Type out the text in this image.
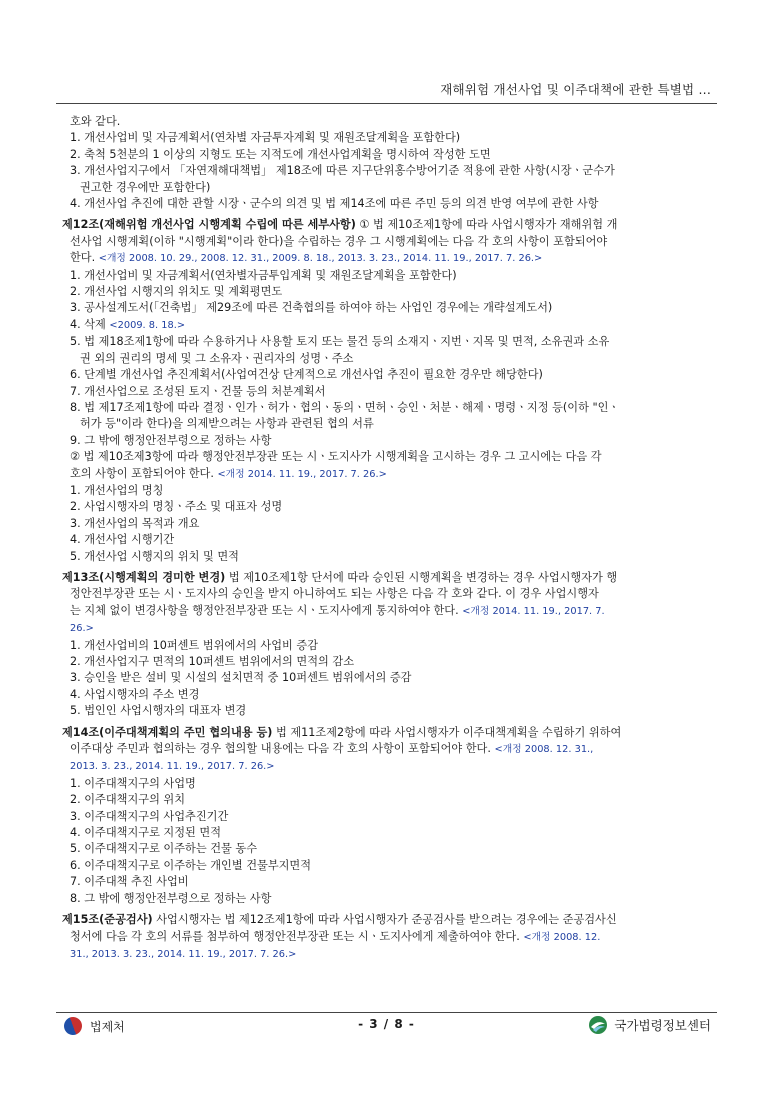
재해위험 개선사업 및 이주대책에 관한 특별법 ...
호와 같다.
1. 개선사업비 및 자금계획서(연차별 자금투자계획 및 재원조달계획을 포함한다)
2. 축척 5천분의 1 이상의 지형도 또는 지적도에 개선사업계획을 명시하여 작성한 도면
3. 개선사업지구에서 「자연재해대책법」 제18조에 따른 지구단위홍수방어기준 적용에 관한 사항(시장ㆍ군수가
권고한 경우에만 포함한다)
4. 개선사업 추진에 대한 관할 시장ㆍ군수의 의견 및 법 제14조에 따른 주민 등의 의견 반영 여부에 관한 사항
제12조(재해위험 개선사업 시행계획 수립에 따른 세부사항) ① 법 제10조제1항에 따라 사업시행자가 재해위험 개
선사업 시행계획(이하 "시행계획"이라 한다)을 수립하는 경우 그 시행계획에는 다음 각 호의 사항이 포함되어야
한다. <개정 2008. 10. 29., 2008. 12. 31., 2009. 8. 18., 2013. 3. 23., 2014. 11. 19., 2017. 7. 26.>
1. 개선사업비 및 자금계획서(연차별자금투입계획 및 재원조달계획을 포함한다)
2. 개선사업 시행지의 위치도 및 계획평면도
3. 공사설계도서(「건축법」 제29조에 따른 건축협의를 하여야 하는 사업인 경우에는 개략설계도서)
4. 삭제 <2009. 8. 18.>
5. 법 제18조제1항에 따라 수용하거나 사용할 토지 또는 물건 등의 소재지ㆍ지번ㆍ지목 및 면적, 소유권과 소유
권 외의 권리의 명세 및 그 소유자ㆍ권리자의 성명ㆍ주소
6. 단계별 개선사업 추진계획서(사업여건상 단계적으로 개선사업 추진이 필요한 경우만 해당한다)
7. 개선사업으로 조성된 토지ㆍ건물 등의 처분계획서
8. 법 제17조제1항에 따라 결정ㆍ인가ㆍ허가ㆍ협의ㆍ동의ㆍ면허ㆍ승인ㆍ처분ㆍ해제ㆍ명령ㆍ지정 등(이하 "인ㆍ
허가 등"이라 한다)을 의제받으려는 사항과 관련된 협의 서류
9. 그 밖에 행정안전부령으로 정하는 사항
② 법 제10조제3항에 따라 행정안전부장관 또는 시ㆍ도지사가 시행계획을 고시하는 경우 그 고시에는 다음 각
호의 사항이 포함되어야 한다. <개정 2014. 11. 19., 2017. 7. 26.>
1. 개선사업의 명칭
2. 사업시행자의 명칭ㆍ주소 및 대표자 성명
3. 개선사업의 목적과 개요
4. 개선사업 시행기간
5. 개선사업 시행지의 위치 및 면적
제13조(시행계획의 경미한 변경) 법 제10조제1항 단서에 따라 승인된 시행계획을 변경하는 경우 사업시행자가 행
정안전부장관 또는 시ㆍ도지사의 승인을 받지 아니하여도 되는 사항은 다음 각 호와 같다. 이 경우 사업시행자
는 지체 없이 변경사항을 행정안전부장관 또는 시ㆍ도지사에게 통지하여야 한다. <개정 2014. 11. 19., 2017. 7.
26.>
1. 개선사업비의 10퍼센트 범위에서의 사업비 증감
2. 개선사업지구 면적의 10퍼센트 범위에서의 면적의 감소
3. 승인을 받은 설비 및 시설의 설치면적 중 10퍼센트 범위에서의 증감
4. 사업시행자의 주소 변경
5. 법인인 사업시행자의 대표자 변경
제14조(이주대책계획의 주민 협의내용 등) 법 제11조제2항에 따라 사업시행자가 이주대책계획을 수립하기 위하여
이주대상 주민과 협의하는 경우 협의할 내용에는 다음 각 호의 사항이 포함되어야 한다. <개정 2008. 12. 31.,
2013. 3. 23., 2014. 11. 19., 2017. 7. 26.>
1. 이주대책지구의 사업명
2. 이주대책지구의 위치
3. 이주대책지구의 사업추진기간
4. 이주대책지구로 지정된 면적
5. 이주대책지구로 이주하는 건물 동수
6. 이주대책지구로 이주하는 개인별 건물부지면적
7. 이주대책 추진 사업비
8. 그 밖에 행정안전부령으로 정하는 사항
제15조(준공검사) 사업시행자는 법 제12조제1항에 따라 사업시행자가 준공검사를 받으려는 경우에는 준공검사신
청서에 다음 각 호의 서류를 첨부하여 행정안전부장관 또는 시ㆍ도지사에게 제출하여야 한다. <개정 2008. 12.
31., 2013. 3. 23., 2014. 11. 19., 2017. 7. 26.>
법제처	- 3 / 8 -	국가법령정보센터
